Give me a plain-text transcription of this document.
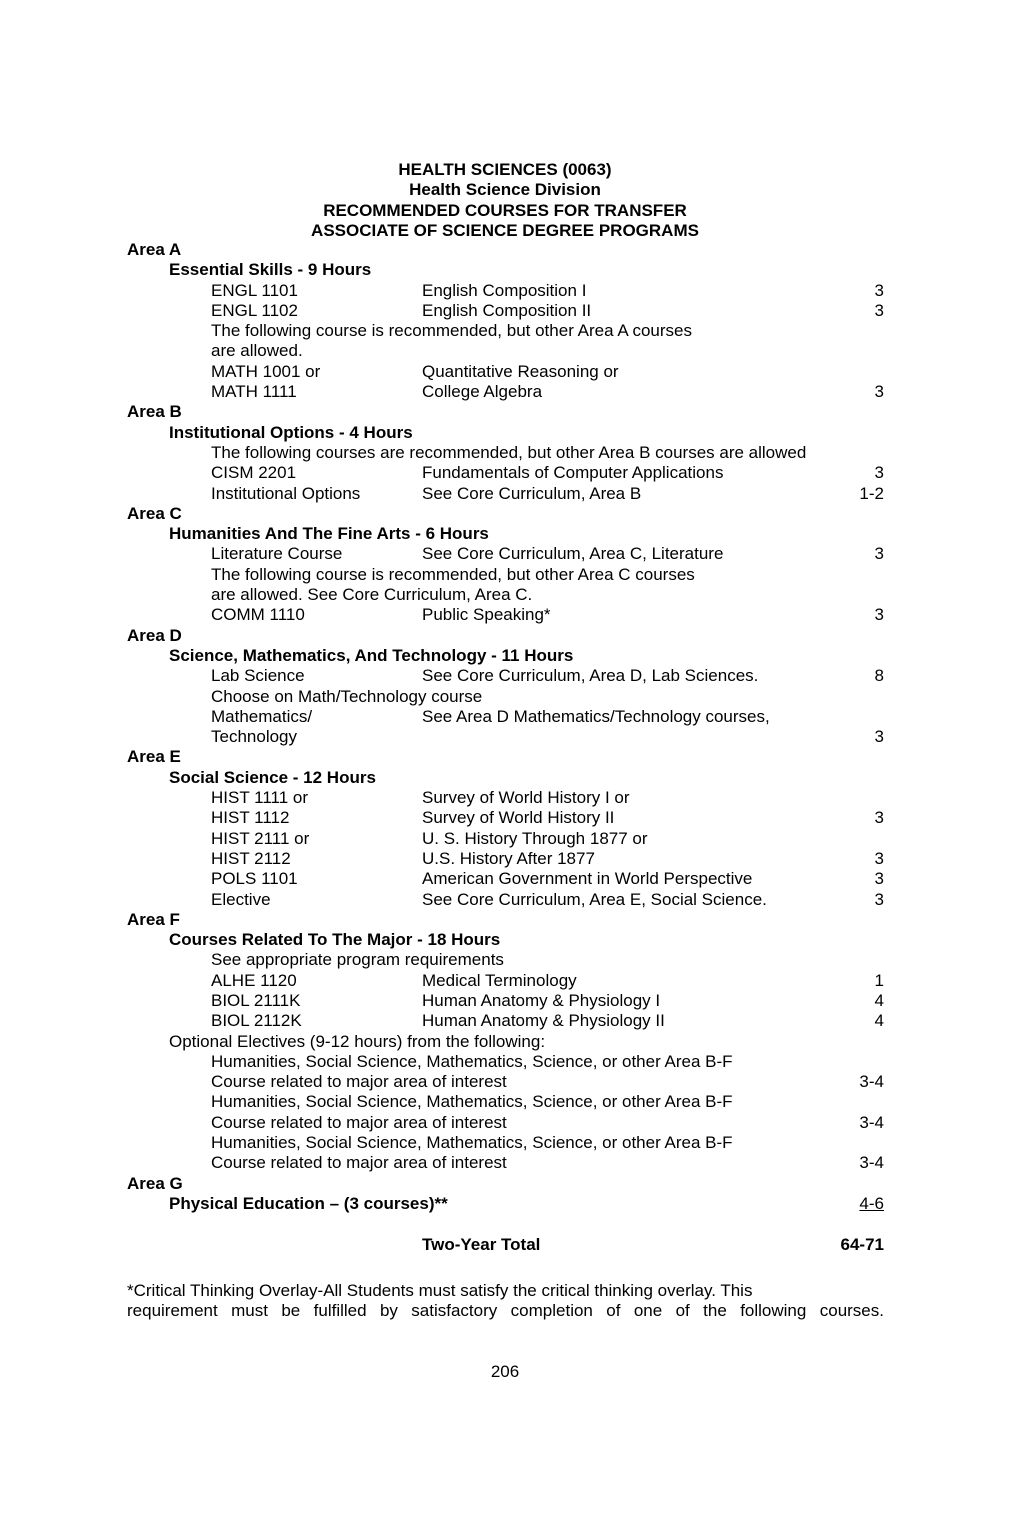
HEALTH SCIENCES (0063)
Health Science Division
RECOMMENDED COURSES FOR TRANSFER
ASSOCIATE OF SCIENCE DEGREE PROGRAMS
Area A
Essential Skills - 9 Hours
ENGL 1101	English Composition I	3
ENGL 1102	English Composition II	3
The following course is recommended, but other Area A courses
are allowed.
MATH 1001 or	Quantitative Reasoning or
MATH 1111	College Algebra	3
Area B
Institutional Options - 4 Hours
The following courses are recommended, but other Area B courses are allowed
CISM 2201	Fundamentals of Computer Applications	3
Institutional Options	See Core Curriculum, Area B	1-2
Area C
Humanities And The Fine Arts - 6 Hours
Literature Course	See Core Curriculum, Area C, Literature	3
The following course is recommended, but other Area C courses
are allowed. See Core Curriculum, Area C.
COMM 1110	Public Speaking*	3
Area D
Science, Mathematics, And Technology - 11 Hours
Lab Science	See Core Curriculum, Area D, Lab Sciences.	8
Choose on Math/Technology course
Mathematics/	See Area D Mathematics/Technology courses,
Technology	3
Area E
Social Science - 12 Hours
HIST 1111 or	Survey of World History I or
HIST 1112	Survey of World History II	3
HIST 2111 or	U. S. History Through 1877 or
HIST 2112	U.S. History After 1877	3
POLS 1101	American Government in World Perspective	3
Elective	See Core Curriculum, Area E, Social Science.	3
Area F
Courses Related To The Major - 18 Hours
See appropriate program requirements
ALHE 1120	Medical Terminology	1
BIOL 2111K	Human Anatomy & Physiology I	4
BIOL 2112K	Human Anatomy & Physiology II	4
Optional Electives (9-12 hours) from the following:
Humanities, Social Science, Mathematics, Science, or other Area B-F
Course related to major area of interest	3-4
Humanities, Social Science, Mathematics, Science, or other Area B-F
Course related to major area of interest	3-4
Humanities, Social Science, Mathematics, Science, or other Area B-F
Course related to major area of interest	3-4
Area G
Physical Education – (3 courses)**	4-6
Two-Year Total	64-71
*Critical Thinking Overlay-All Students must satisfy the critical thinking overlay. This
requirement must be fulfilled by satisfactory completion of one of the following courses.
206
